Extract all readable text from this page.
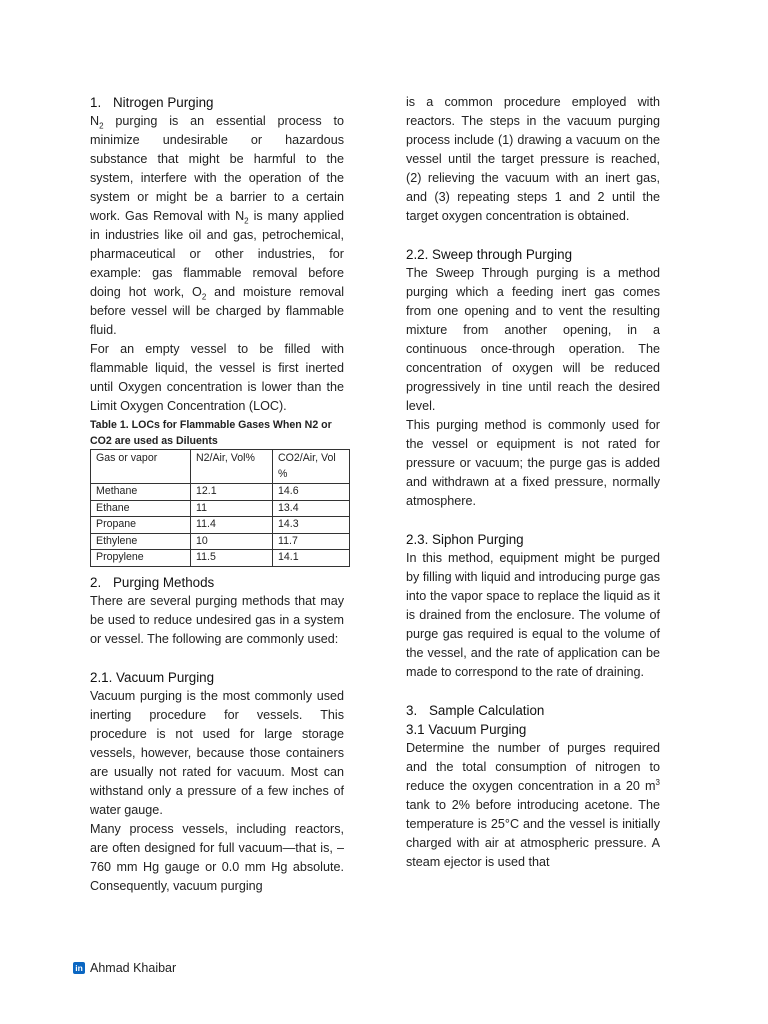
1. Nitrogen Purging

$N_2$ purging is an essential process to minimize undesirable or hazardous substance that might be harmful to the system, interfere with the operation of the system or might be a barrier to a certain work. Gas Removal with $N_2$ is many applied in industries like oil and gas, petrochemical, pharmaceutical or other industries, for example: gas flammable removal before doing hot work, $O_2$ and moisture removal before vessel will be charged by flammable fluid.

For an empty vessel to be filled with flammable liquid, the vessel is first inerted until Oxygen concentration is lower than the Limit Oxygen Concentration (LOC).

Table 1. LOCs for Flammable Gases When N2 or CO2 are used as Diluents
Gas or vapor	N2/Air, Vol%	CO2/Air, Vol %
Methane	12.1	14.6
Ethane	11	13.4
Propane	11.4	14.3
Ethylene	10	11.7
Propylene	11.5	14.1
2. Purging Methods

There are several purging methods that may be used to reduce undesired gas in a system or vessel. The following are commonly used:

2.1. Vacuum Purging

Vacuum purging is the most commonly used inerting procedure for vessels. This procedure is not used for large storage vessels, however, because those containers are usually not rated for vacuum. Most can withstand only a pressure of a few inches of water gauge.

Many process vessels, including reactors, are often designed for full vacuum—that is, –760 mm Hg gauge or 0.0 mm Hg absolute. Consequently, vacuum purging

is a common procedure employed with reactors. The steps in the vacuum purging process include (1) drawing a vacuum on the vessel until the target pressure is reached, (2) relieving the vacuum with an inert gas, and (3) repeating steps 1 and 2 until the target oxygen concentration is obtained.

2.2. Sweep through Purging

The Sweep Through purging is a method purging which a feeding inert gas comes from one opening and to vent the resulting mixture from another opening, in a continuous once-through operation. The concentration of oxygen will be reduced progressively in tine until reach the desired level.

This purging method is commonly used for the vessel or equipment is not rated for pressure or vacuum; the purge gas is added and withdrawn at a fixed pressure, normally atmosphere.

2.3. Siphon Purging

In this method, equipment might be purged by filling with liquid and introducing purge gas into the vapor space to replace the liquid as it is drained from the enclosure. The volume of purge gas required is equal to the volume of the vessel, and the rate of application can be made to correspond to the rate of draining.

3. Sample Calculation
3.1 Vacuum Purging

Determine the number of purges required and the total consumption of nitrogen to reduce the oxygen concentration in a 20 $m^3$ tank to 2% before introducing acetone. The temperature is 25°C and the vessel is initially charged with air at atmospheric pressure. A steam ejector is used that

in Ahmad Khaibar
